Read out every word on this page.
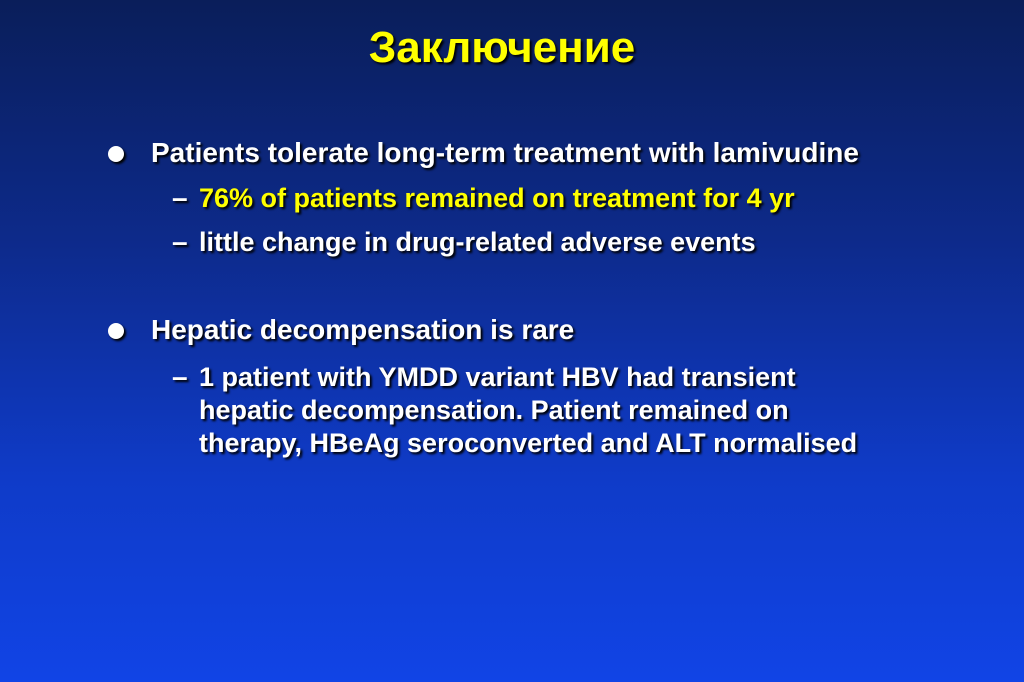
Заключение
Patients tolerate long-term treatment with lamivudine
– 76% of patients remained on treatment for 4 yr
– little change in drug-related adverse events
Hepatic decompensation is rare
– 1 patient with YMDD variant HBV had transient
hepatic decompensation. Patient remained on
therapy, HBeAg seroconverted and ALT normalised
